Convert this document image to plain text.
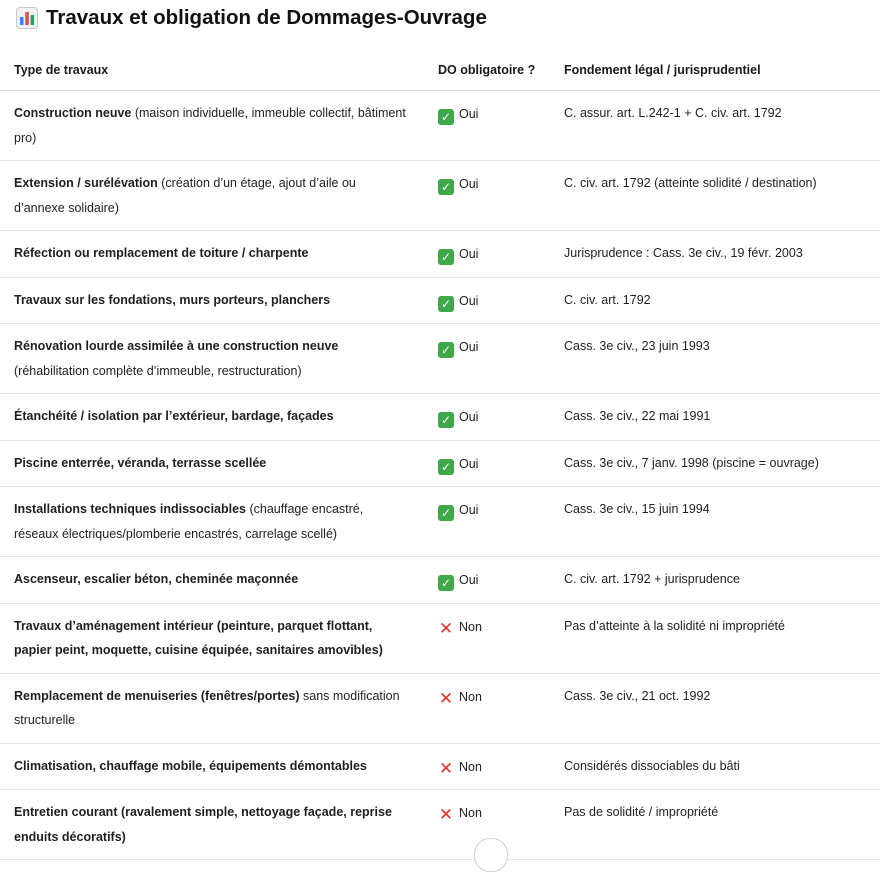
Travaux et obligation de Dommages-Ouvrage
Type de travaux	DO obligatoire ?	Fondement légal / jurisprudentiel
Construction neuve (maison individuelle, immeuble collectif, bâtiment pro)	✓ Oui	C. assur. art. L.242-1 + C. civ. art. 1792
Extension / surélévation (création d’un étage, ajout d’aile ou d’annexe solidaire)	✓ Oui	C. civ. art. 1792 (atteinte solidité / destination)
Réfection ou remplacement de toiture / charpente	✓ Oui	Jurisprudence : Cass. 3e civ., 19 févr. 2003
Travaux sur les fondations, murs porteurs, planchers	✓ Oui	C. civ. art. 1792
Rénovation lourde assimilée à une construction neuve (réhabilitation complète d’immeuble, restructuration)	✓ Oui	Cass. 3e civ., 23 juin 1993
Étanchéité / isolation par l’extérieur, bardage, façades	✓ Oui	Cass. 3e civ., 22 mai 1991
Piscine enterrée, véranda, terrasse scellée	✓ Oui	Cass. 3e civ., 7 janv. 1998 (piscine = ouvrage)
Installations techniques indissociables (chauffage encastré, réseaux électriques/plomberie encastrés, carrelage scellé)	✓ Oui	Cass. 3e civ., 15 juin 1994
Ascenseur, escalier béton, cheminée maçonnée	✓ Oui	C. civ. art. 1792 + jurisprudence
Travaux d’aménagement intérieur (peinture, parquet flottant, papier peint, moquette, cuisine équipée, sanitaires amovibles)	✕ Non	Pas d’atteinte à la solidité ni impropriété
Remplacement de menuiseries (fenêtres/portes) sans modification structurelle	✕ Non	Cass. 3e civ., 21 oct. 1992
Climatisation, chauffage mobile, équipements démontables	✕ Non	Considérés dissociables du bâti
Entretien courant (ravalement simple, nettoyage façade, reprise enduits décoratifs)	✕ Non	Pas de solidité / impropriété
